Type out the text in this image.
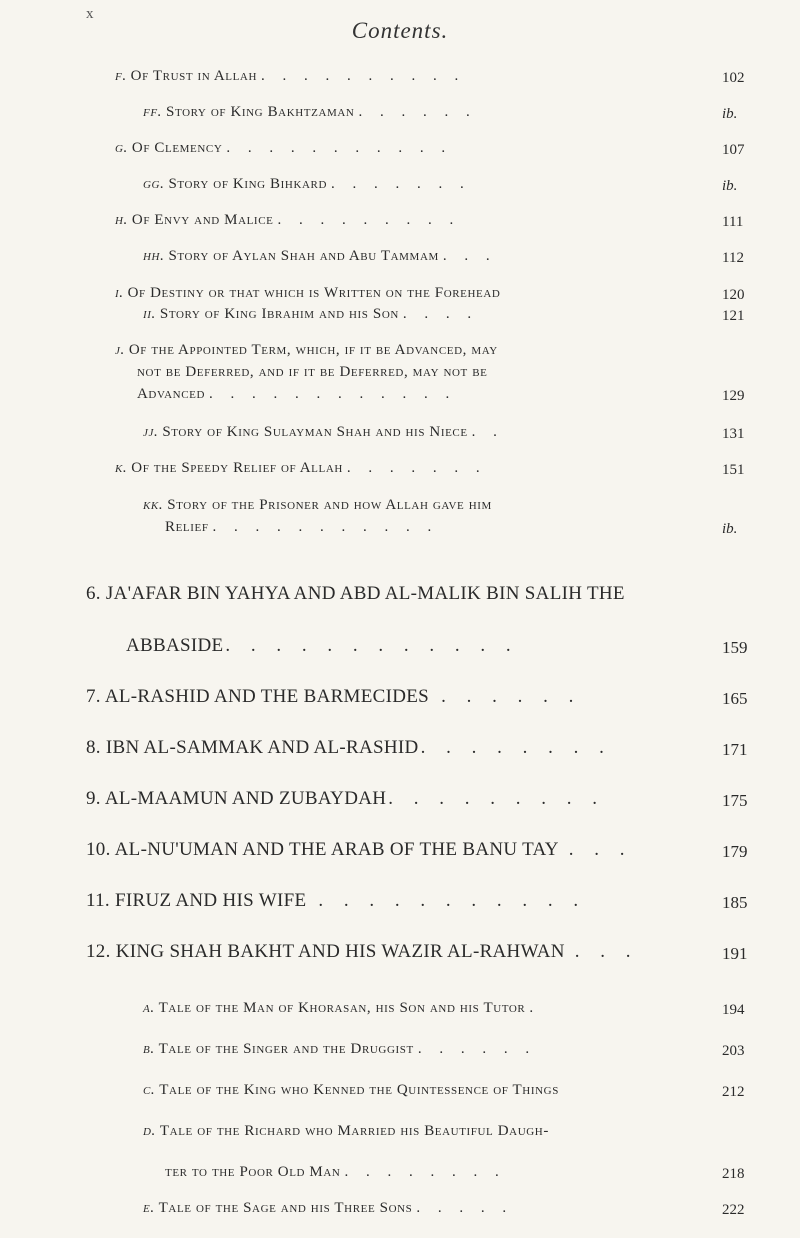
x
Contents.
f. Of Trust in Allah . . . . . . . . . .	102
ff. Story of King Bakhtzaman . . . . . .	ib.
g. Of Clemency . . . . . . . . . . .	107
gg. Story of King Bihkard . . . . . . .	ib.
h. Of Envy and Malice . . . . . . . . .	111
hh. Story of Aylan Shah and Abu Tammam . . .	112
i. Of Destiny or that which is Written on the Forehead	120
ii. Story of King Ibrahim and his Son . . . .	121
j. Of the Appointed Term, which, if it be Advanced, may
not be Deferred, and if it be Deferred, may not be
Advanced . . . . . . . . . . . .	129
jj. Story of King Sulayman Shah and his Niece . .	131
k. Of the Speedy Relief of Allah . . . . . . .	151
kk. Story of the Prisoner and how Allah gave him
Relief . . . . . . . . . . .	ib.
6. JA'AFAR BIN YAHYA AND ABD AL-MALIK BIN SALIH THE
ABBASIDE . . . . . . . . . . . .	159
7. AL-RASHID AND THE BARMECIDES . . . . . .	165
8. IBN AL-SAMMAK AND AL-RASHID . . . . . . . .	171
9. AL-MAAMUN AND ZUBAYDAH . . . . . . . . .	175
10. AL-NU'UMAN AND THE ARAB OF THE BANU TAY . . .	179
11. FIRUZ AND HIS WIFE . . . . . . . . . . .	185
12. KING SHAH BAKHT AND HIS WAZIR AL-RAHWAN . . .	191
a. Tale of the Man of Khorasan, his Son and his Tutor .	194
b. Tale of the Singer and the Druggist . . . . . .	203
c. Tale of the King who Kenned the Quintessence of Things	212
d. Tale of the Richard who Married his Beautiful Daugh-
ter to the Poor Old Man . . . . . . . .	218
e. Tale of the Sage and his Three Sons . . . . .	222
